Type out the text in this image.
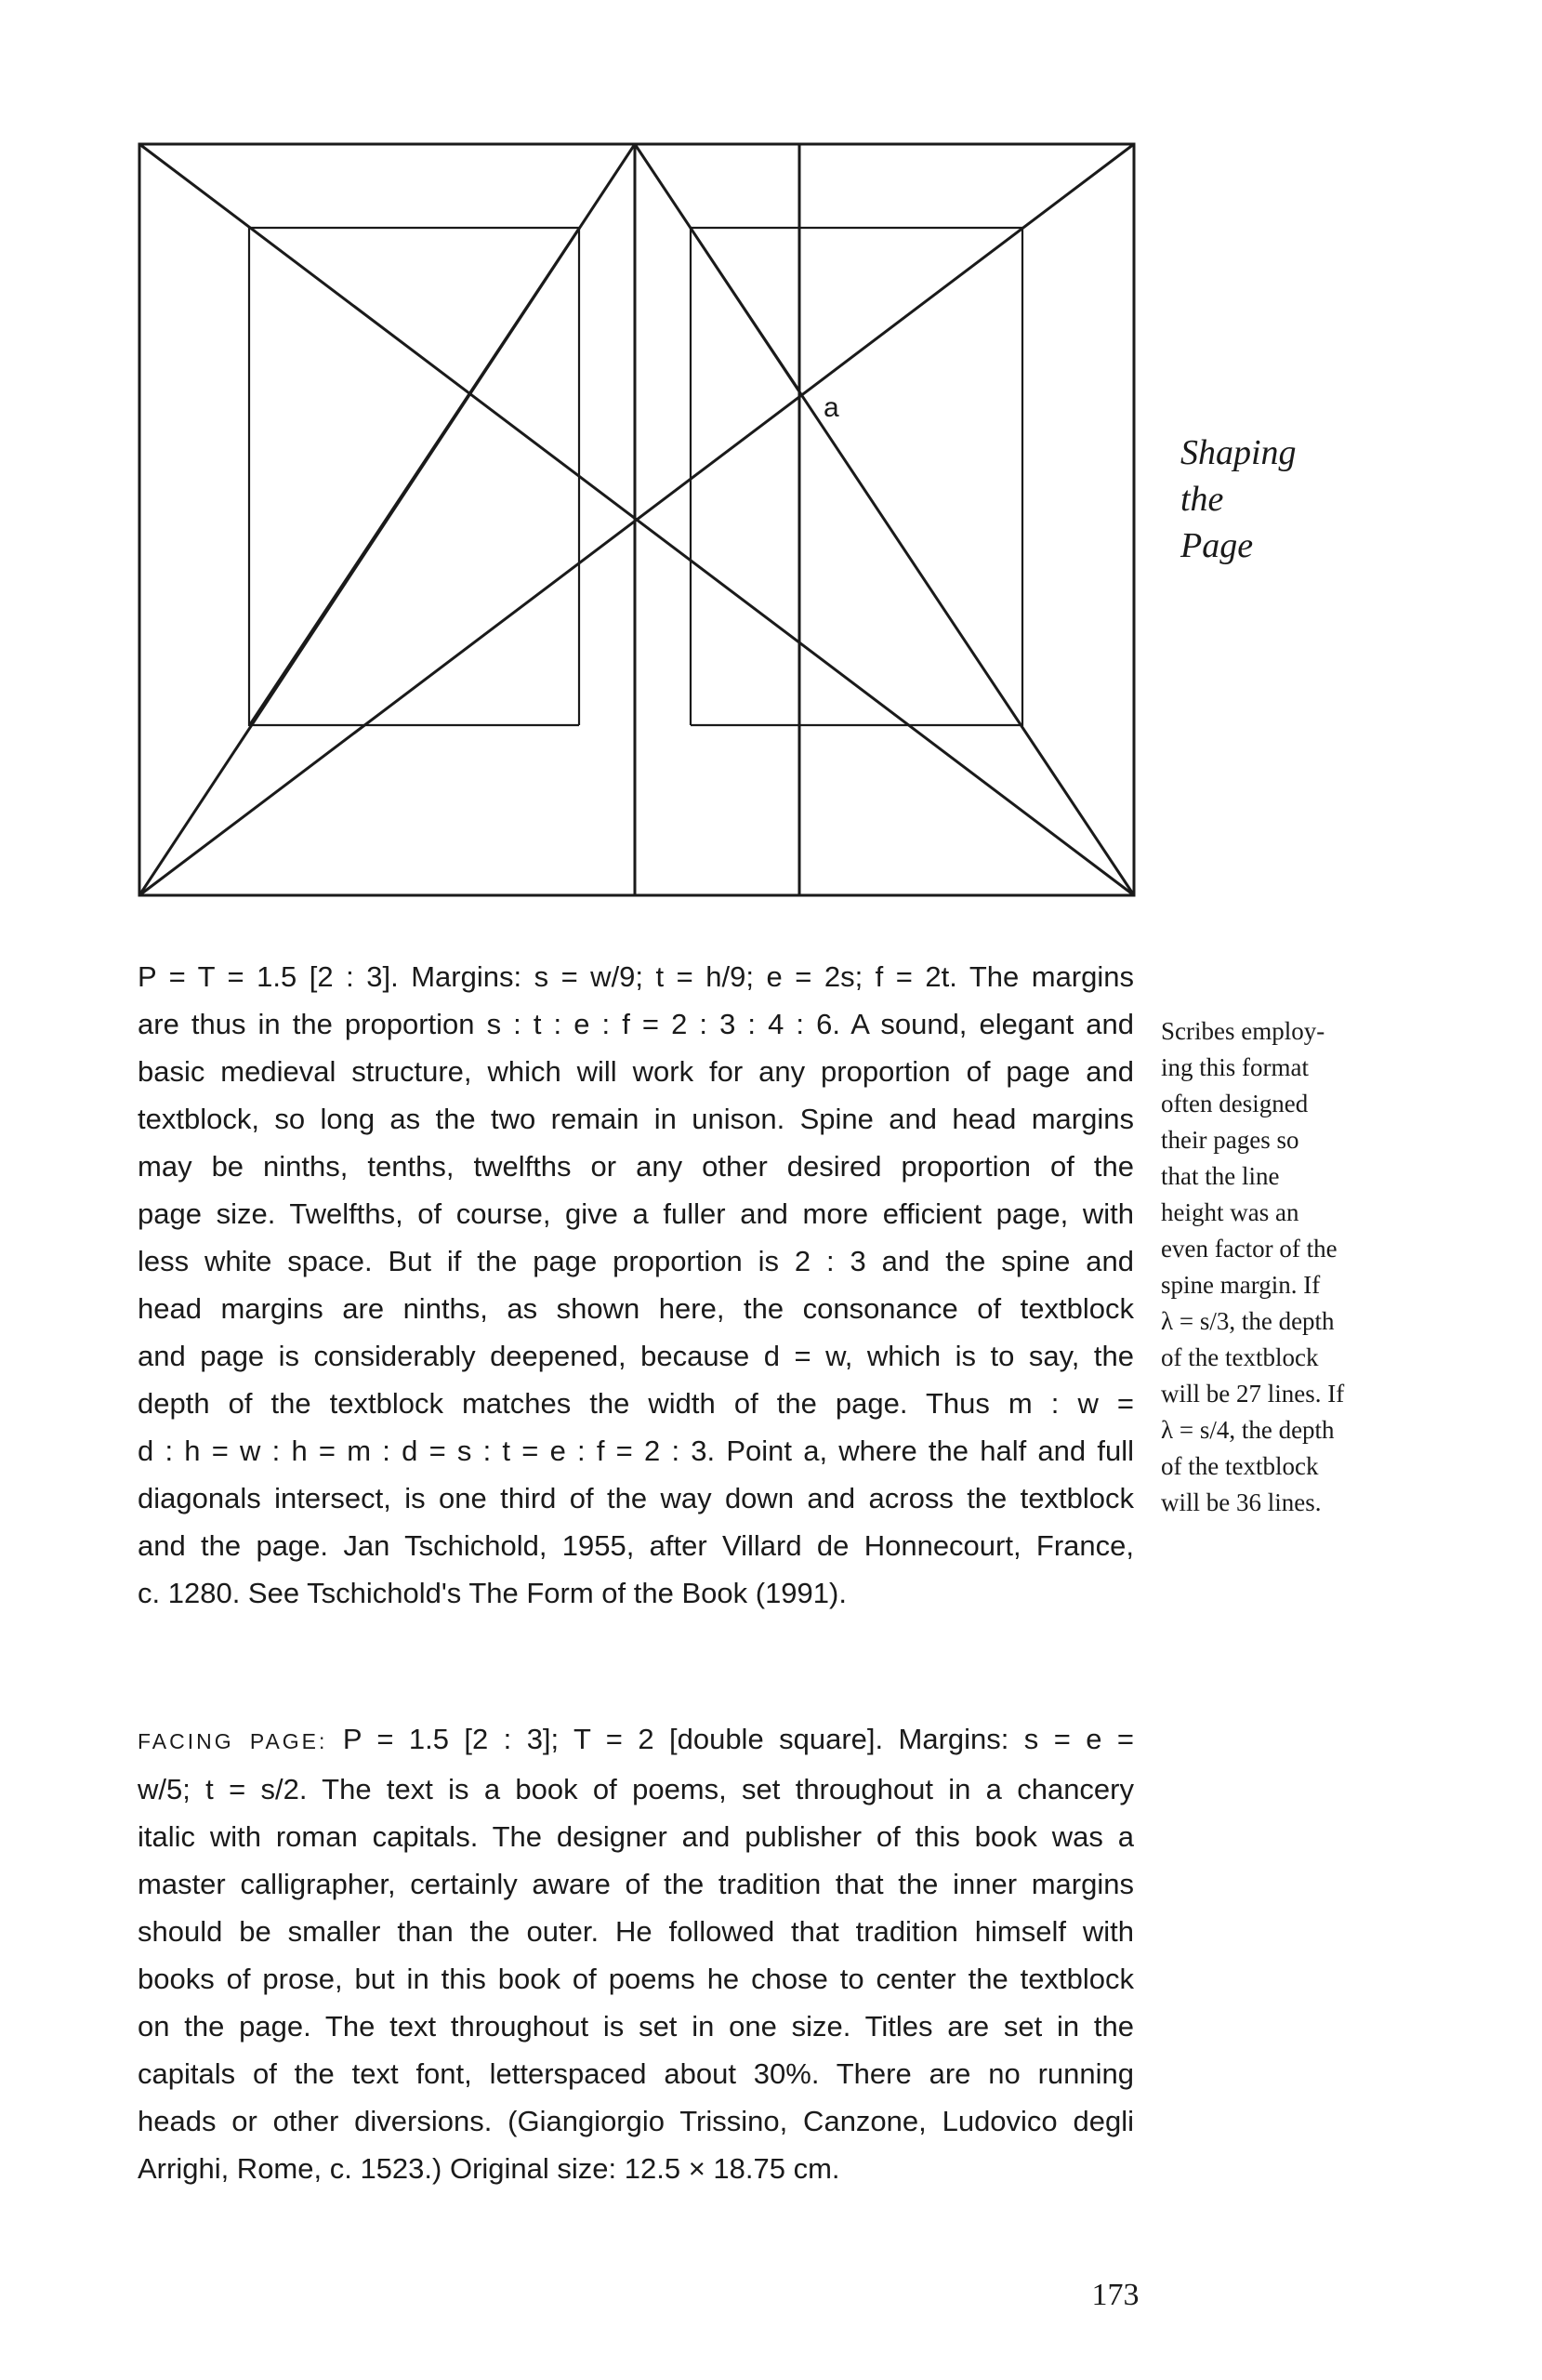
a
Shaping
the
Page
P = T = 1.5 [2 : 3]. Margins: s = w/9; t = h/9; e = 2s; f = 2t. The margins
are thus in the proportion s : t : e : f = 2 : 3 : 4 : 6. A sound, elegant and
basic medieval structure, which will work for any proportion of page and
textblock, so long as the two remain in unison. Spine and head margins
may be ninths, tenths, twelfths or any other desired proportion of the
page size. Twelfths, of course, give a fuller and more efficient page, with
less white space. But if the page proportion is 2 : 3 and the spine and
head margins are ninths, as shown here, the consonance of textblock
and page is considerably deepened, because d = w, which is to say, the
depth of the textblock matches the width of the page. Thus m : w =
d : h = w : h = m : d = s : t = e : f = 2 : 3. Point a, where the half and full
diagonals intersect, is one third of the way down and across the textblock
and the page. Jan Tschichold, 1955, after Villard de Honnecourt, France,
c. 1280. See Tschichold's The Form of the Book (1991).
Scribes employ-
ing this format
often designed
their pages so
that the line
height was an
even factor of the
spine margin. If
λ = s/3, the depth
of the textblock
will be 27 lines. If
λ = s/4, the depth
of the textblock
will be 36 lines.
FACING PAGE: P = 1.5 [2 : 3]; T = 2 [double square]. Margins: s = e =
w/5; t = s/2. The text is a book of poems, set throughout in a chancery
italic with roman capitals. The designer and publisher of this book was a
master calligrapher, certainly aware of the tradition that the inner margins
should be smaller than the outer. He followed that tradition himself with
books of prose, but in this book of poems he chose to center the textblock
on the page. The text throughout is set in one size. Titles are set in the
capitals of the text font, letterspaced about 30%. There are no running
heads or other diversions. (Giangiorgio Trissino, Canzone, Ludovico degli
Arrighi, Rome, c. 1523.) Original size: 12.5 × 18.75 cm.
173
